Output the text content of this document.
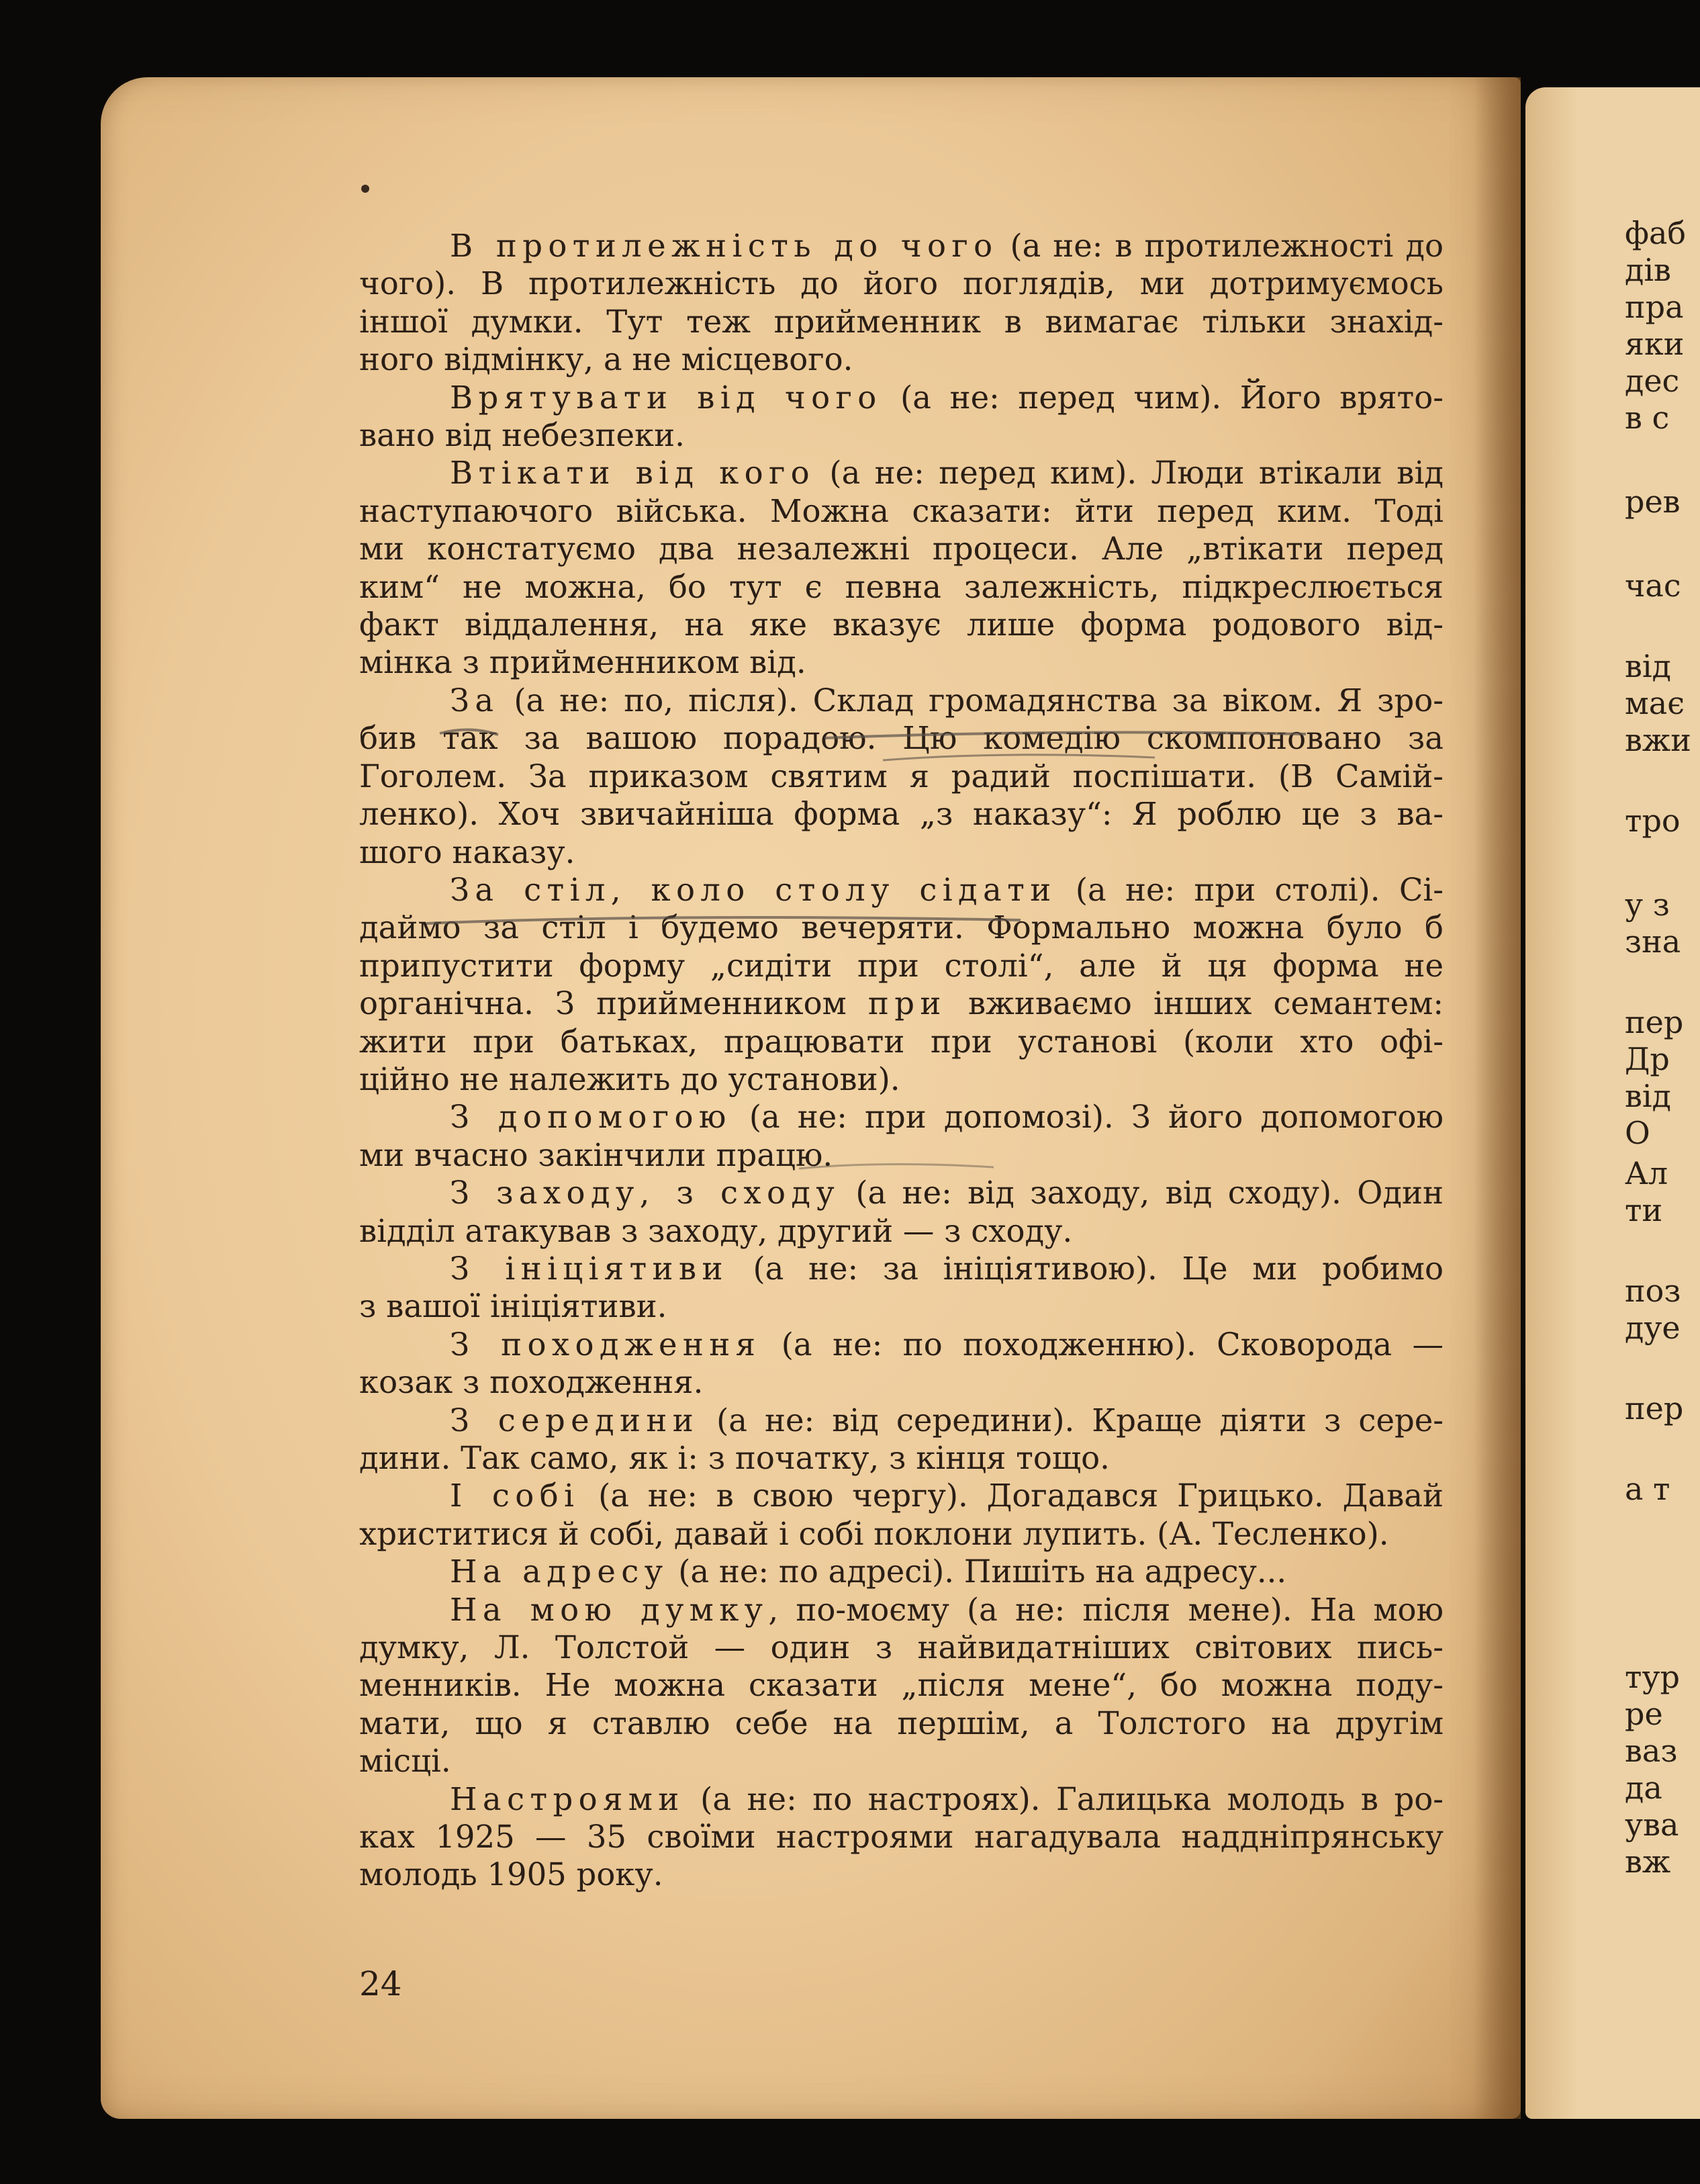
фаб
дів
пра
яки
дес
в с
рев
час
від
має
вжи
тро
у з
зна
пер
Др
від
О
Ал
ти
поз
дуе
пер
а т
тур
ре
ваз
да
ува
вж

В протилежність до чого (а не: в протилежності до

чого). В протилежність до його поглядів, ми дотримуємось

іншої думки. Тут теж прийменник в вимагає тільки знахід-

ного відмінку, а не місцевого.

Врятувати від чого (а не: перед чим). Його врято-

вано від небезпеки.

Втікати від кого (а не: перед ким). Люди втікали від

наступаючого війська. Можна сказати: йти перед ким. Тоді

ми констатуємо два незалежні процеси. Але „втікати перед

ким“ не можна, бо тут є певна залежність, підкреслюється

факт віддалення, на яке вказує лише форма родового від-

мінка з прийменником від.

За (а не: по, після). Склад громадянства за віком. Я зро-

бив так за вашою порадою. Цю комедію скомпоновано за

Гоголем. За приказом святим я радий поспішати. (В Самій-

ленко). Хоч звичайніша форма „з наказу“: Я роблю це з ва-

шого наказу.

За стіл, коло столу сідати (а не: при столі). Сі-

даймо за стіл і будемо вечеряти. Формально можна було б

припустити форму „сидіти при столі“, але й ця форма не

органічна. З прийменником при вживаємо інших семантем:

жити при батьках, працювати при установі (коли хто офі-

ційно не належить до установи).

З допомогою (а не: при допомозі). З його допомогою

ми вчасно закінчили працю.

З заходу, з сходу (а не: від заходу, від сходу). Один

відділ атакував з заходу, другий — з сходу.

З ініціятиви (а не: за ініціятивою). Це ми робимо

з вашої ініціятиви.

З походження (а не: по походженню). Сковорода —

козак з походження.

З середини (а не: від середини). Краще діяти з сере-

дини. Так само, як і: з початку, з кінця тощо.

І собі (а не: в свою чергу). Догадався Грицько. Давай

христитися й собі, давай і собі поклони лупить. (А. Тесленко).

На адресу (а не: по адресі). Пишіть на адресу...

На мою думку, по-моєму (а не: після мене). На мою

думку, Л. Толстой — один з найвидатніших світових пись-

менників. Не можна сказати „після мене“, бо можна поду-

мати, що я ставлю себе на першім, а Толстого на другім

місці.

Настроями (а не: по настроях). Галицька молодь в ро-

ках 1925 — 35 своїми настроями нагадувала наддніпрянську

молодь 1905 року.

24
